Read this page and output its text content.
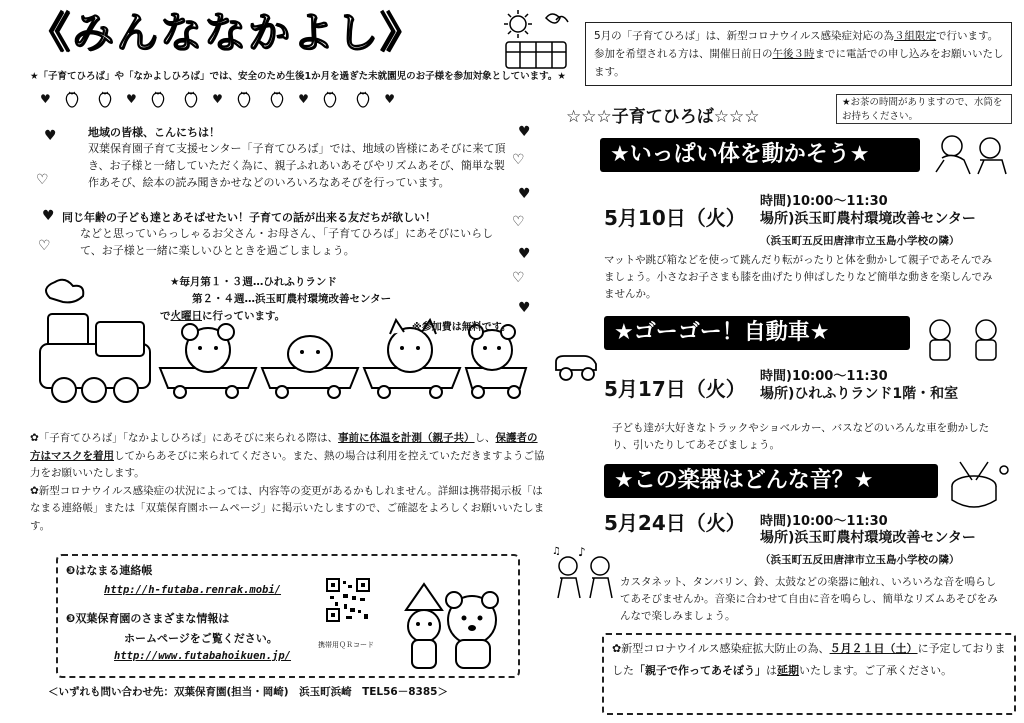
《みんななかよし》
★「子育てひろば」や「なかよしひろば」では、安全のため生後1か月を過ぎた未就園児のお子様を参加対象としています。★
♥	♥	♥	♥	♥
♥
♡
♥
♡
♥
♡
♥
♡
♥
♡
♥
地域の皆様、こんにちは！
双葉保育園子育て支援センター「子育てひろば」では、地域の皆様にあそびに来て頂き、お子様と一緒していただく為に、親子ふれあいあそびやリズムあそび、簡単な製作あそび、絵本の読み聞きかせなどのいろいろなあそびを行っています。
同じ年齢の子ども達とあそばせたい！子育ての話が出来る友だちが欲しい！
などと思っていらっしゃるお父さん・お母さん、「子育てひろば」にあそびにいらして、お子様と一緒に楽しいひとときを過ごしましょう。
★毎月第１・３週…ひれふりランド
第２・４週…浜玉町農村環境改善センター
で火曜日に行っています。
※参加費は無料です。
✿「子育てひろば」「なかよしひろば」にあそびに来られる際は、事前に体温を計測（親子共）し、保護者の方はマスクを着用してからあそびに来られてください。また、熱の場合は利用を控えていただきますようご協力をお願いいたします。
✿新型コロナウイルス感染症の状況によっては、内容等の変更があるかもしれません。詳細は携帯掲示板「はなまる連絡帳」または「双葉保育園ホームページ」に掲示いたしますので、ご確認をよろしくお願いいたします。
❸はなまる連絡帳
http://h-futaba.renrak.mobi/
❸双葉保育園のさまざまな情報は
ホームページをご覧ください。
http://www.futabahoikuen.jp/
携帯用ＱＲコード
＜いずれも問い合わせ先：双葉保育園(担当・岡崎)　浜玉町浜崎　TEL56－8385＞
5月の「子育てひろば」は、新型コロナウイルス感染症対応の為３組限定で行います。参加を希望される方は、開催日前日の午後３時までに電話での申し込みをお願いいたします。
☆☆☆子育てひろば☆☆☆
★お茶の時間がありますので、水筒をお持ちください。
★いっぱい体を動かそう★
5月10日（火）
時間)10:00～11:30
場所)浜玉町農村環境改善センター
（浜玉町五反田唐津市立玉島小学校の隣）
マットや跳び箱などを使って跳んだり転がったりと体を動かして親子であそんでみましょう。小さなお子さまも膝を曲げたり伸ばしたりなど簡単な動きを楽しんでみませんか。
★ゴーゴー！自動車★
5月17日（火）
時間)10:00～11:30
場所)ひれふりランド1階・和室
子ども達が大好きなトラックやショベルカー、バスなどのいろんな車を動かしたり、引いたりしてあそびましょう。
★この楽器はどんな音？★
♪
♫
5月24日（火） 時間)10:00～11:30
場所)浜玉町農村環境改善センター
（浜玉町五反田唐津市立玉島小学校の隣）
カスタネット、タンバリン、鈴、太鼓などの楽器に触れ、いろいろな音を鳴らしてあそびませんか。音楽に合わせて自由に音を鳴らし、簡単なリズムあそびをみんなで楽しみましょう。
✿新型コロナウイルス感染症拡大防止の為、５月２１日（土）に予定しておりました「親子で作ってあそぼう」は延期いたします。ご了承ください。
